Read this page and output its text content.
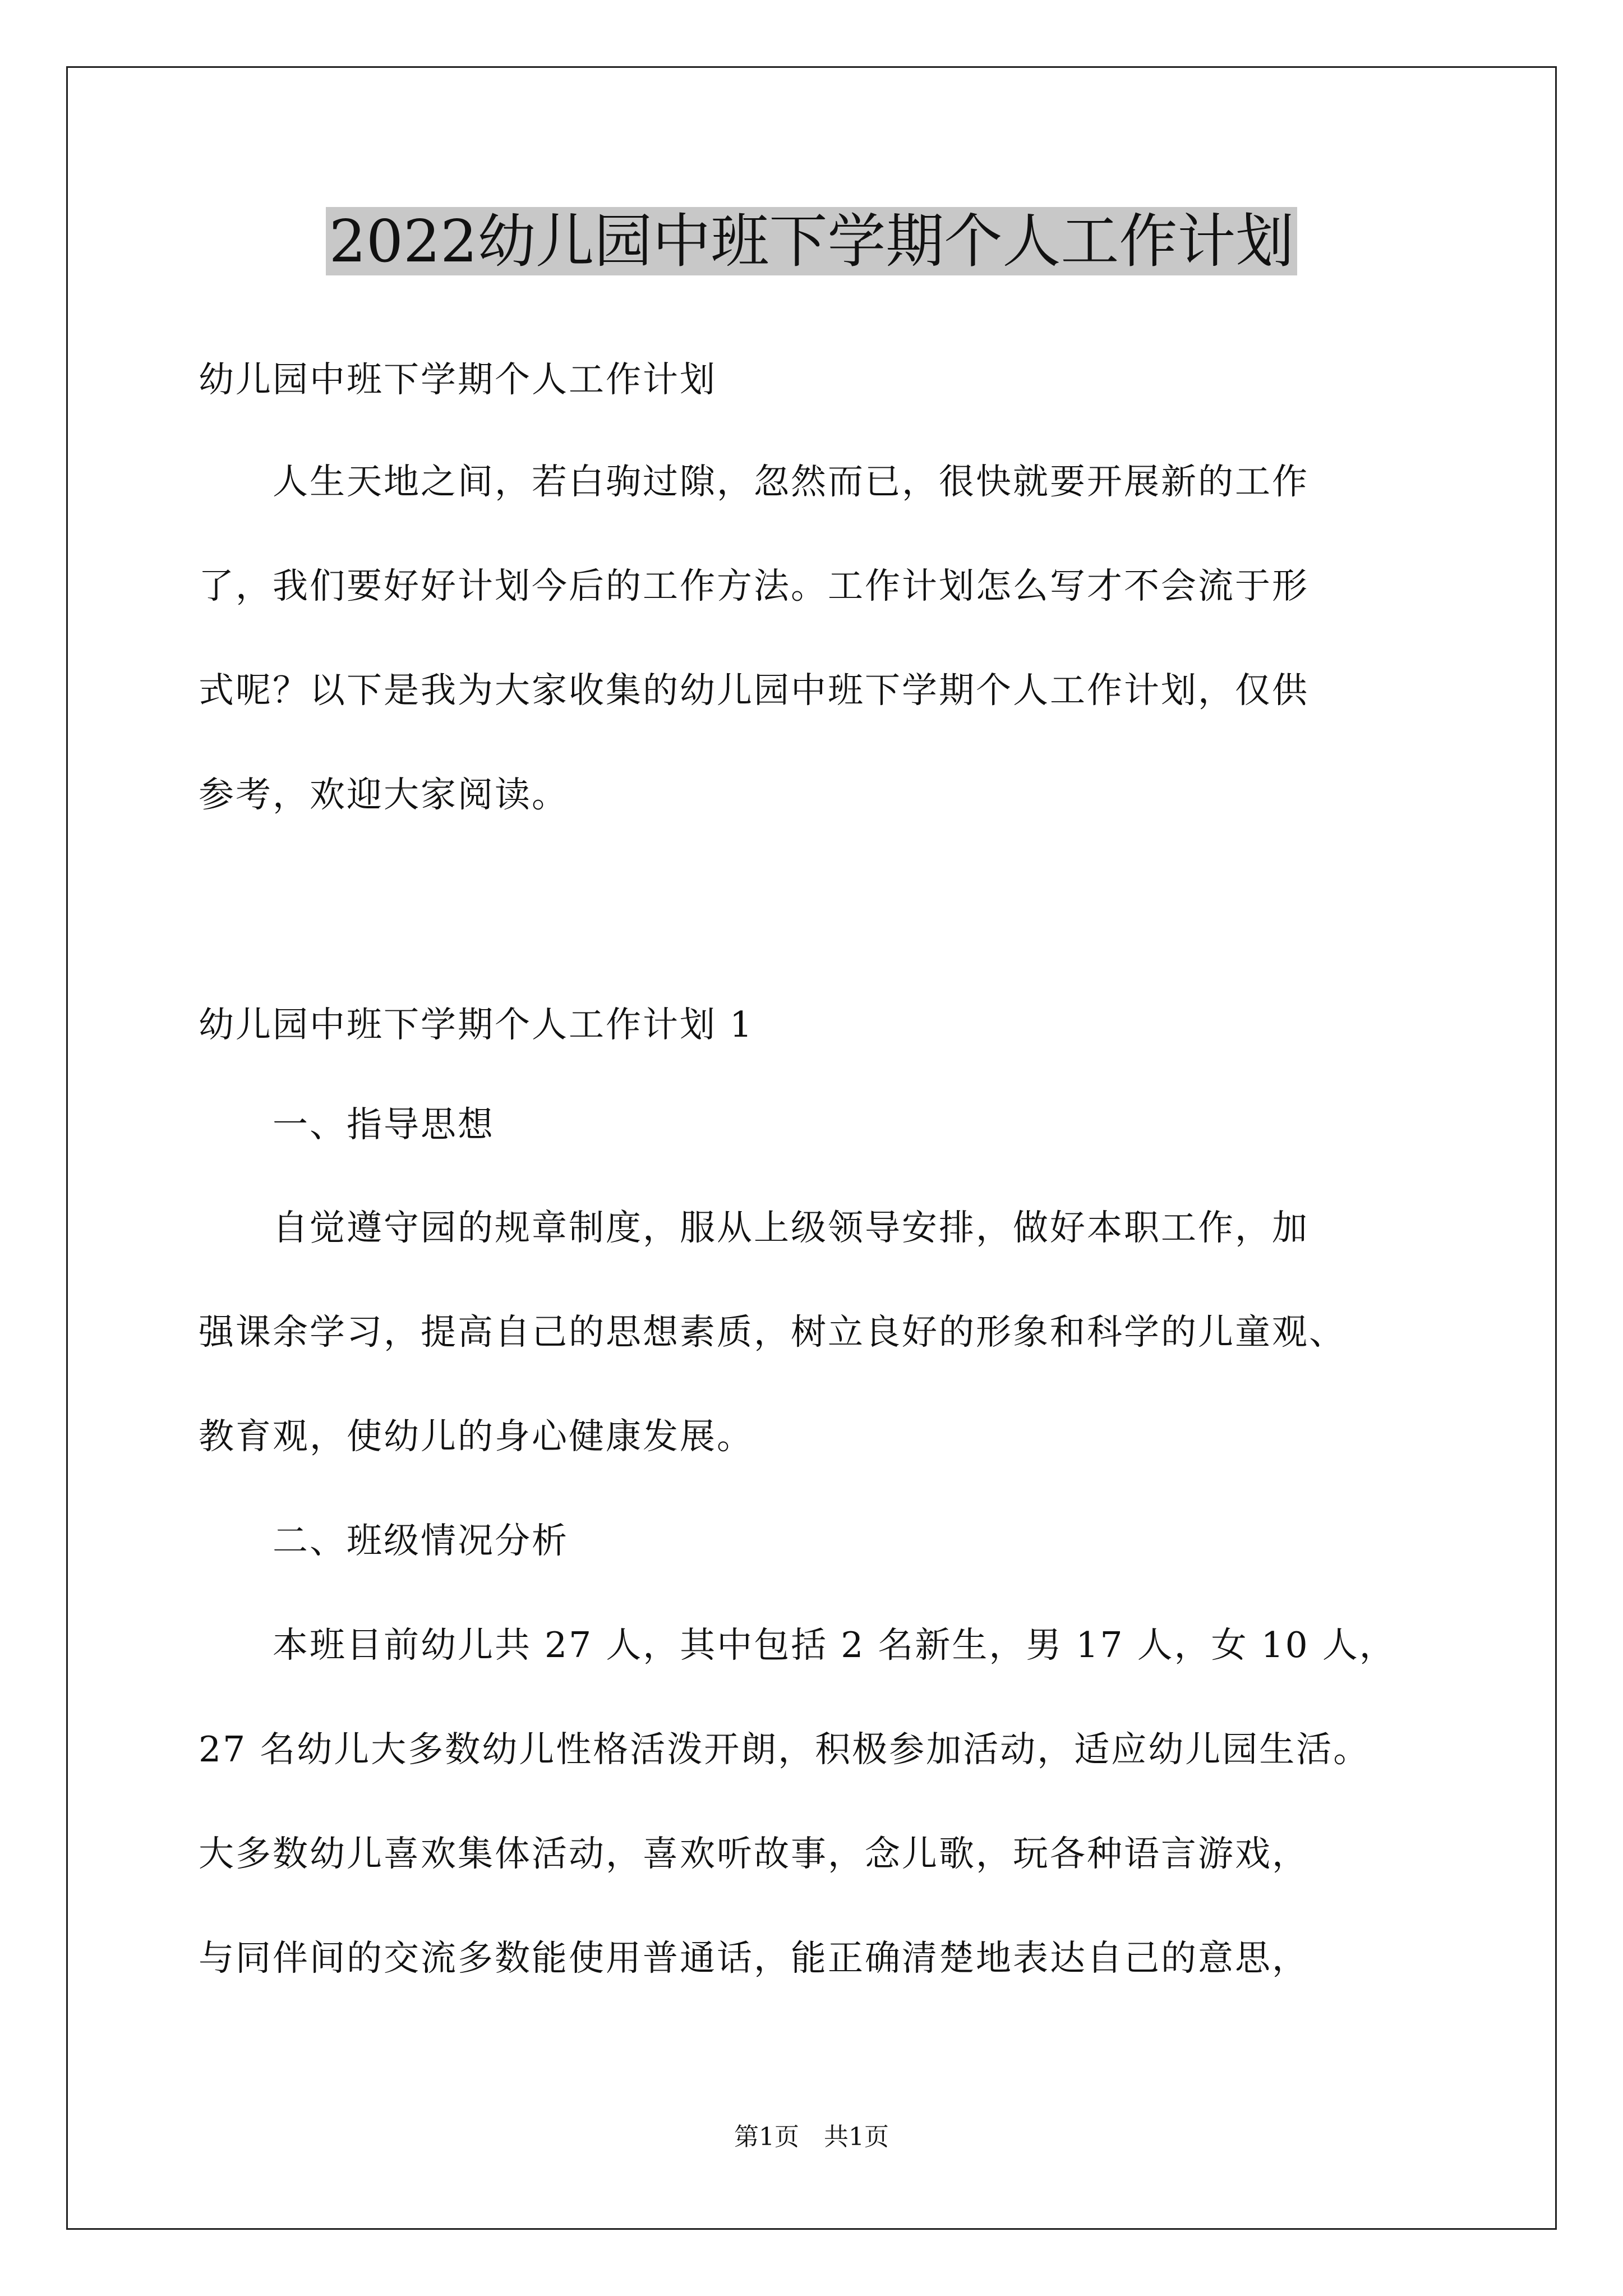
2022幼儿园中班下学期个人工作计划
幼儿园中班下学期个人工作计划
　　人生天地之间，若白驹过隙，忽然而已，很快就要开展新的工作
了，我们要好好计划今后的工作方法。工作计划怎么写才不会流于形
式呢？以下是我为大家收集的幼儿园中班下学期个人工作计划，仅供
参考，欢迎大家阅读。
幼儿园中班下学期个人工作计划 1
　　一、指导思想
　　自觉遵守园的规章制度，服从上级领导安排，做好本职工作，加
强课余学习，提高自己的思想素质，树立良好的形象和科学的儿童观、
教育观，使幼儿的身心健康发展。
　　二、班级情况分析
　　本班目前幼儿共 27 人，其中包括 2 名新生，男 17 人，女 10 人，
27 名幼儿大多数幼儿性格活泼开朗，积极参加活动，适应幼儿园生活。
大多数幼儿喜欢集体活动，喜欢听故事，念儿歌，玩各种语言游戏，
与同伴间的交流多数能使用普通话，能正确清楚地表达自己的意思，
第1页　共1页
